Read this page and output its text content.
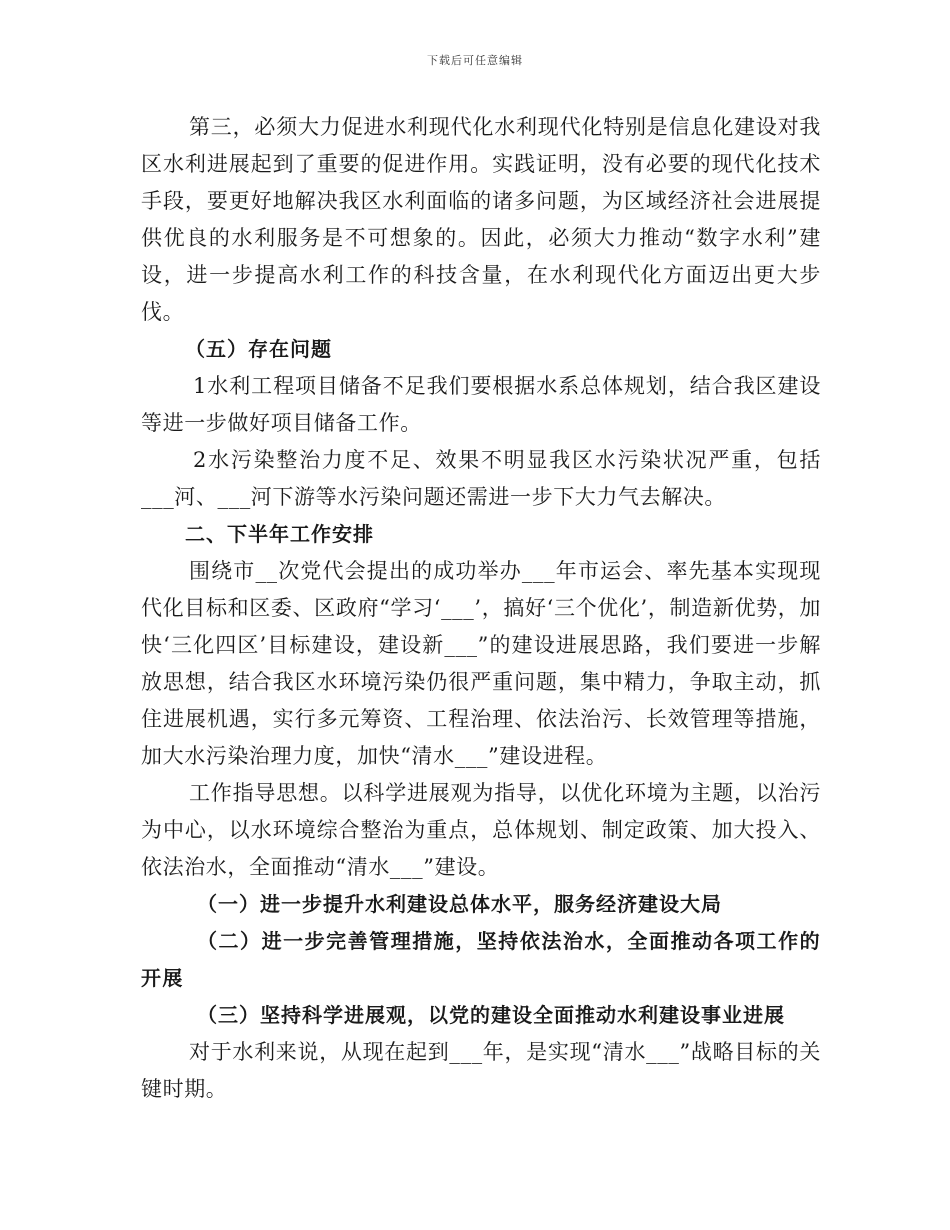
下载后可任意编辑

第三，必须大力促进水利现代化水利现代化特别是信息化建设对我区水利进展起到了重要的促进作用。实践证明，没有必要的现代化技术手段，要更好地解决我区水利面临的诸多问题，为区域经济社会进展提供优良的水利服务是不可想象的。因此，必须大力推动“数字水利”建设，进一步提高水利工作的科技含量，在水利现代化方面迈出更大步伐。

（五）存在问题

1水利工程项目储备不足我们要根据水系总体规划，结合我区建设等进一步做好项目储备工作。

2水污染整治力度不足、效果不明显我区水污染状况严重，包括___河、___河下游等水污染问题还需进一步下大力气去解决。

二、下半年工作安排

围绕市__次党代会提出的成功举办___年市运会、率先基本实现现代化目标和区委、区政府“学习‘___’，搞好‘三个优化’，制造新优势，加快‘三化四区’目标建设，建设新___”的建设进展思路，我们要进一步解放思想，结合我区水环境污染仍很严重问题，集中精力，争取主动，抓住进展机遇，实行多元筹资、工程治理、依法治污、长效管理等措施，加大水污染治理力度，加快“清水___”建设进程。

工作指导思想。以科学进展观为指导，以优化环境为主题，以治污为中心，以水环境综合整治为重点，总体规划、制定政策、加大投入、依法治水，全面推动“清水___”建设。

（一）进一步提升水利建设总体水平，服务经济建设大局

（二）进一步完善管理措施，坚持依法治水，全面推动各项工作的开展

（三）坚持科学进展观，以党的建设全面推动水利建设事业进展

对于水利来说，从现在起到___年，是实现“清水___”战略目标的关键时期。
